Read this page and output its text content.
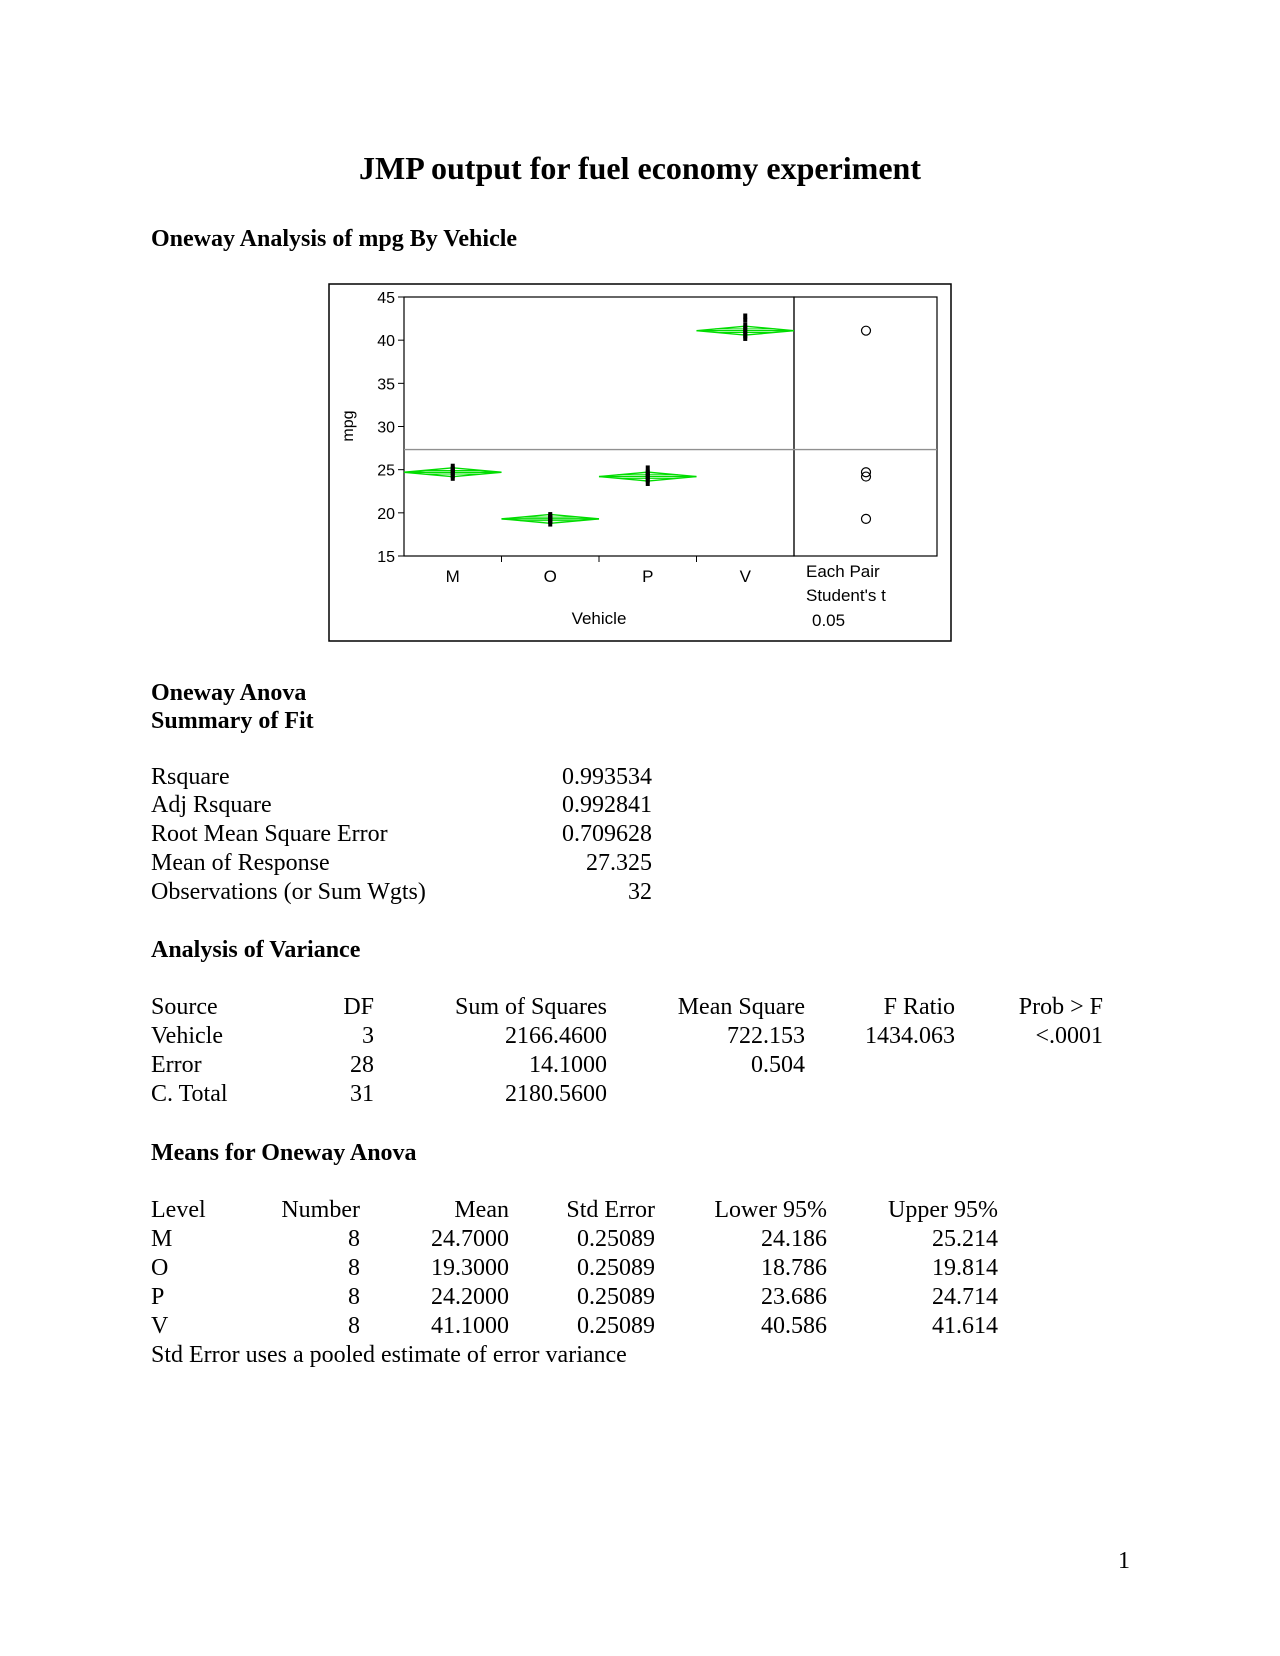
JMP output for fuel economy experiment
Oneway Analysis of mpg By Vehicle
15
20
25
30
35
40
45
M	O	P	V
mpg
Vehicle
Each Pair
Student's t
0.05
Oneway Anova
Summary of Fit
Rsquare	0.993534
Adj Rsquare	0.992841
Root Mean Square Error	0.709628
Mean of Response	27.325
Observations (or Sum Wgts)	32
Analysis of Variance
Source	DF	Sum of Squares	Mean Square	F Ratio	Prob > F
Vehicle	3	2166.4600	722.153	1434.063	<.0001
Error	28	14.1000	0.504
C. Total	31	2180.5600
Means for Oneway Anova
Level	Number	Mean	Std Error	Lower 95%	Upper 95%
M	8	24.7000	0.25089	24.186	25.214
O	8	19.3000	0.25089	18.786	19.814
P	8	24.2000	0.25089	23.686	24.714
V	8	41.1000	0.25089	40.586	41.614
Std Error uses a pooled estimate of error variance
1
